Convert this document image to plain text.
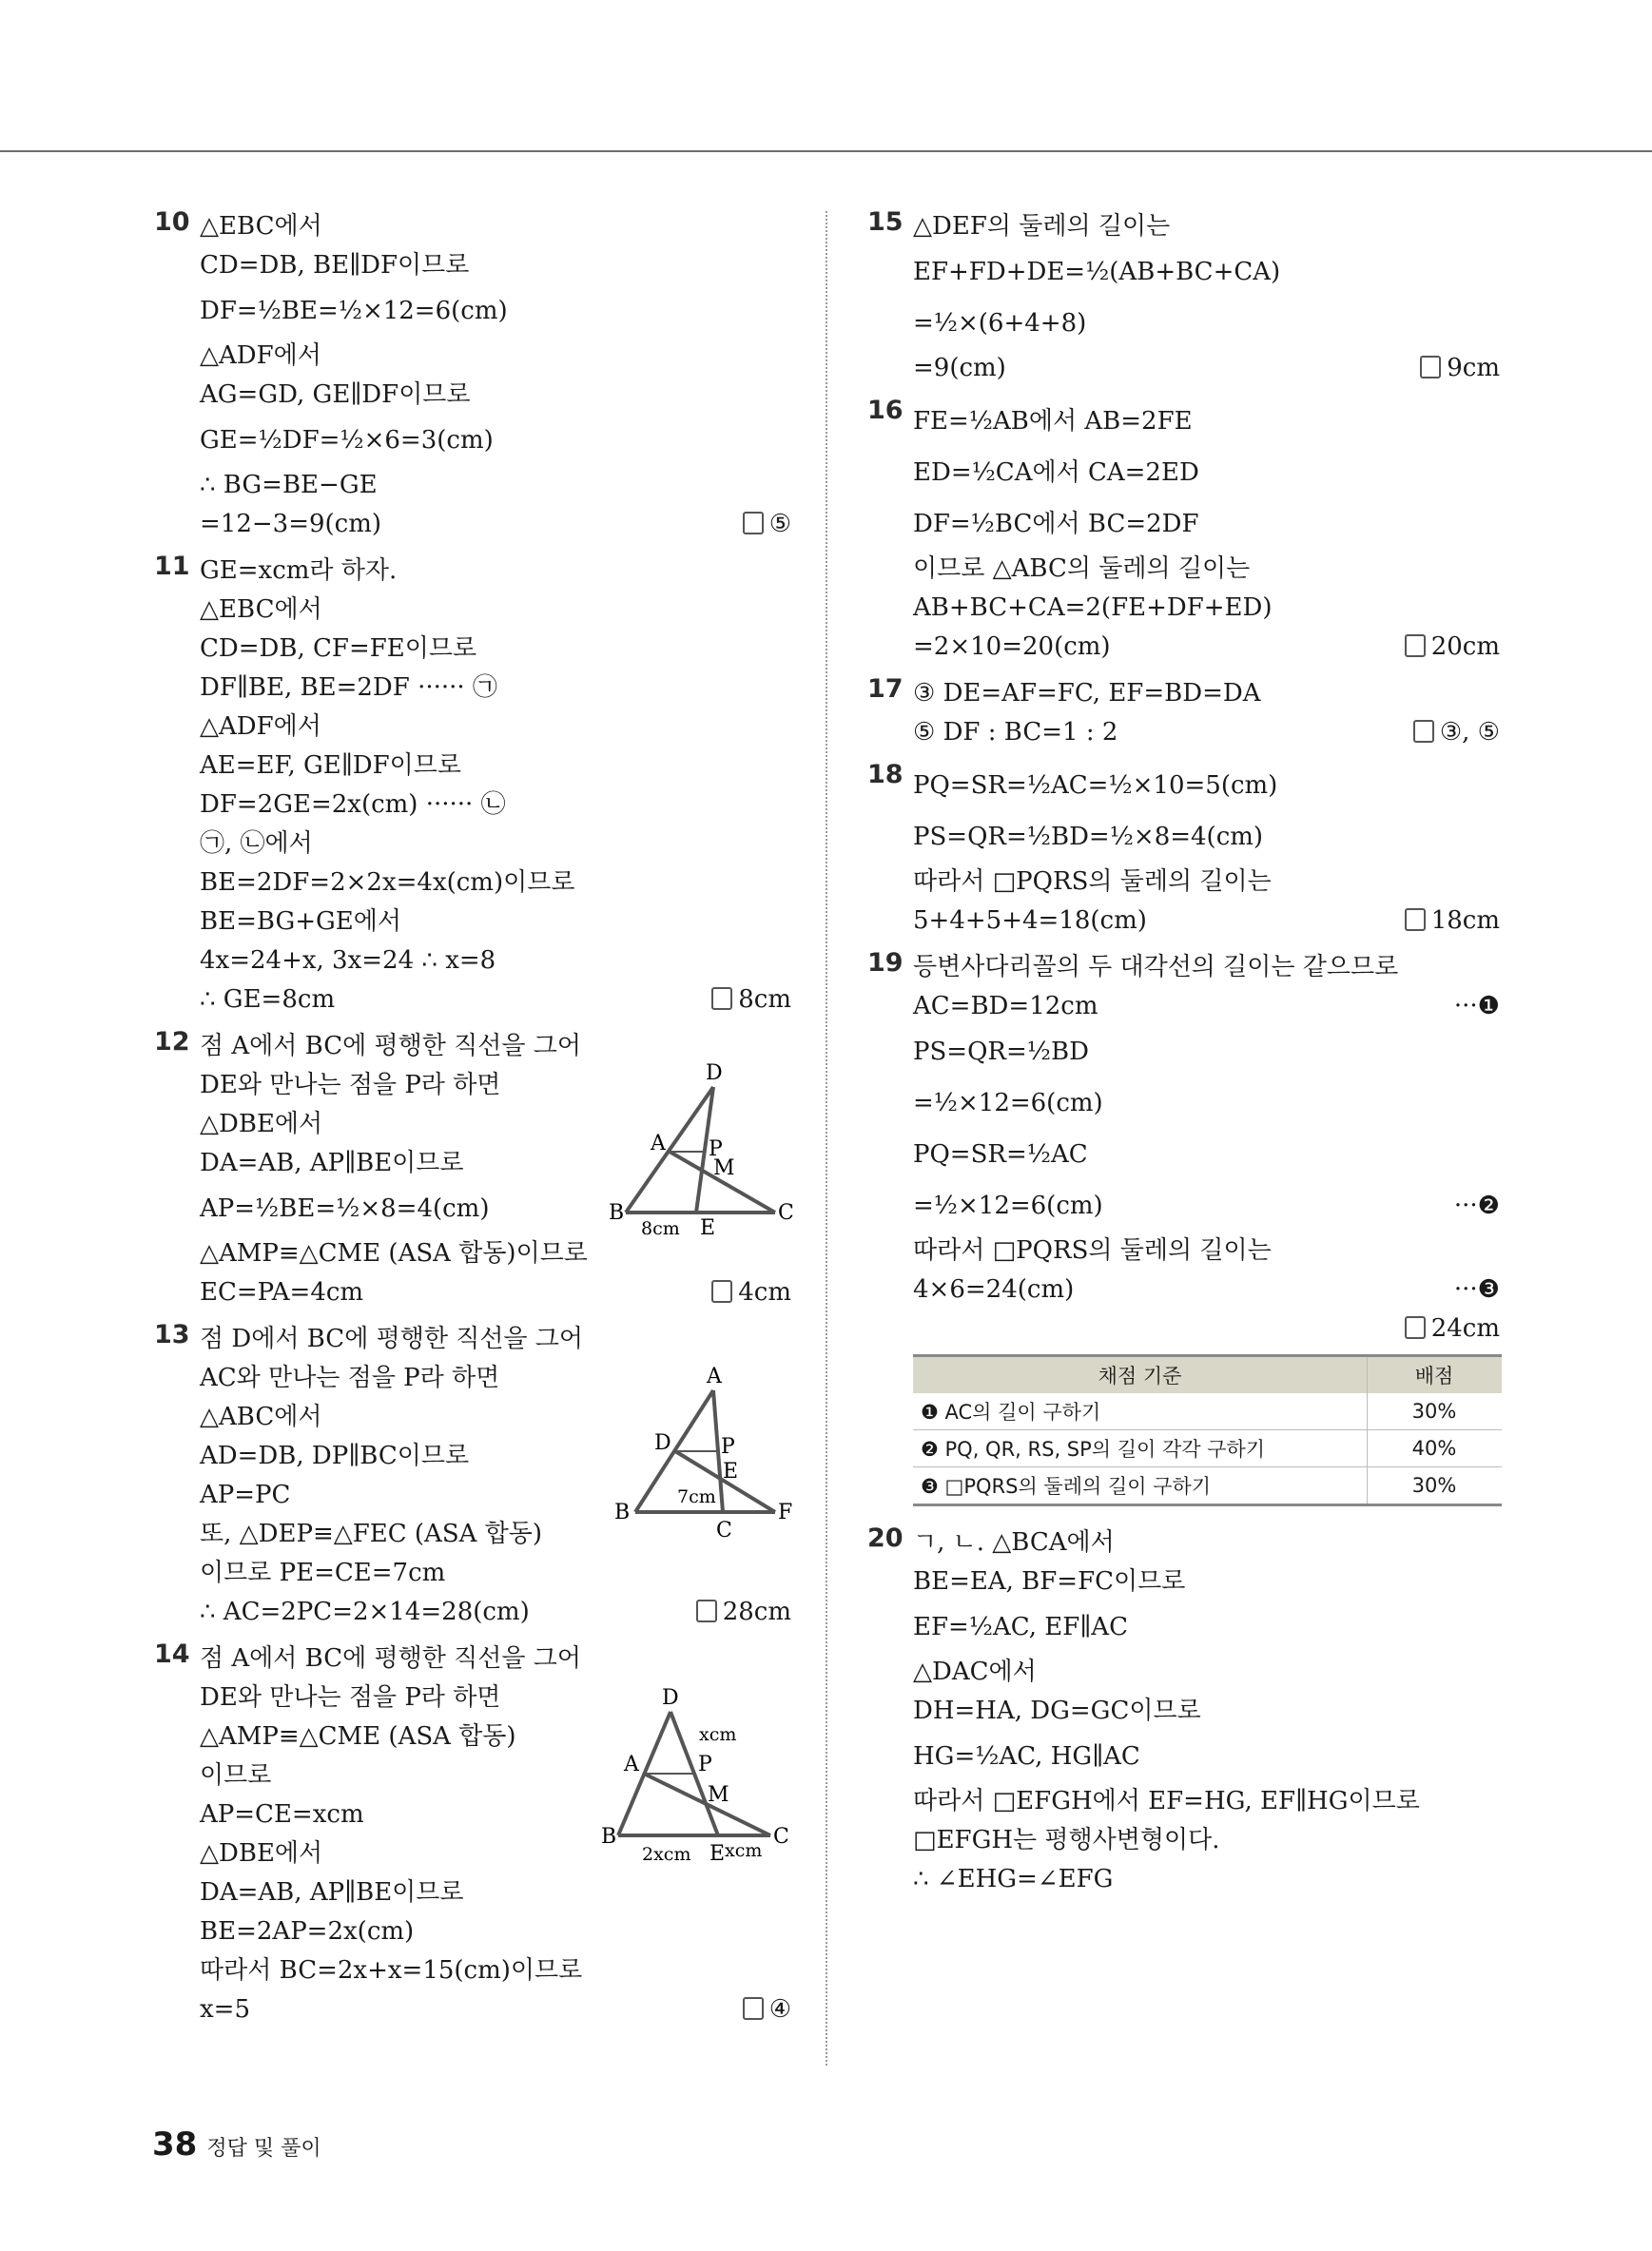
10 △EBC에서
CD=DB, BE∥DF이므로
DF=½BE=½×12=6(cm)
△ADF에서
AG=GD, GE∥DF이므로
GE=½DF=½×6=3(cm)
∴ BG=BE−GE
=12−3=9(cm)	⑤
11 GE=xcm라 하자.
△EBC에서
CD=DB, CF=FE이므로
DF∥BE, BE=2DF ······ ㉠
△ADF에서
AE=EF, GE∥DF이므로
DF=2GE=2x(cm) ······ ㉡
㉠, ㉡에서
BE=2DF=2×2x=4x(cm)이므로
BE=BG+GE에서
4x=24+x, 3x=24 ∴ x=8
∴ GE=8cm	8cm
12 점 A에서 BC에 평행한 직선을 그어
DE와 만나는 점을 P라 하면
△DBE에서
DA=AB, AP∥BE이므로
AP=½BE=½×8=4(cm)
△AMP≡△CME (ASA 합동)이므로
EC=PA=4cm	4cm
13 점 D에서 BC에 평행한 직선을 그어
AC와 만나는 점을 P라 하면
△ABC에서
AD=DB, DP∥BC이므로
AP=PC
또, △DEP≡△FEC (ASA 합동)
이므로 PE=CE=7cm
∴ AC=2PC=2×14=28(cm)	28cm
14 점 A에서 BC에 평행한 직선을 그어
DE와 만나는 점을 P라 하면
△AMP≡△CME (ASA 합동)
이므로
AP=CE=xcm
△DBE에서
DA=AB, AP∥BE이므로
BE=2AP=2x(cm)
따라서 BC=2x+x=15(cm)이므로
x=5	④
15 △DEF의 둘레의 길이는
EF+FD+DE=½(AB+BC+CA)
=½×(6+4+8)
=9(cm)	9cm
16 FE=½AB에서 AB=2FE
ED=½CA에서 CA=2ED
DF=½BC에서 BC=2DF
이므로 △ABC의 둘레의 길이는
AB+BC+CA=2(FE+DF+ED)
=2×10=20(cm)	20cm
17 ③ DE=AF=FC, EF=BD=DA
⑤ DF : BC=1 : 2	③, ⑤
18 PQ=SR=½AC=½×10=5(cm)
PS=QR=½BD=½×8=4(cm)
따라서 □PQRS의 둘레의 길이는
5+4+5+4=18(cm)	18cm
19 등변사다리꼴의 두 대각선의 길이는 같으므로
AC=BD=12cm	···❶
PS=QR=½BD
=½×12=6(cm)
PQ=SR=½AC
=½×12=6(cm)	···❷
따라서 □PQRS의 둘레의 길이는
4×6=24(cm)	···❸
24cm
채점 기준	배점
❶ AC의 길이 구하기	30%
❷ PQ, QR, RS, SP의 길이 각각 구하기	40%
❸ □PQRS의 둘레의 길이 구하기	30%
20 ㄱ, ㄴ. △BCA에서
BE=EA, BF=FC이므로
EF=½AC, EF∥AC
△DAC에서
DH=HA, DG=GC이므로
HG=½AC, HG∥AC
따라서 □EFGH에서 EF=HG, EF∥HG이므로
□EFGH는 평행사변형이다.
∴ ∠EHG=∠EFG
D
A P
M
B
8cm E
C
A
D P
E
7cm
B
C
F
D
xcm
A	P
M
B
2xcm E xcm
C
38 정답 및 풀이
